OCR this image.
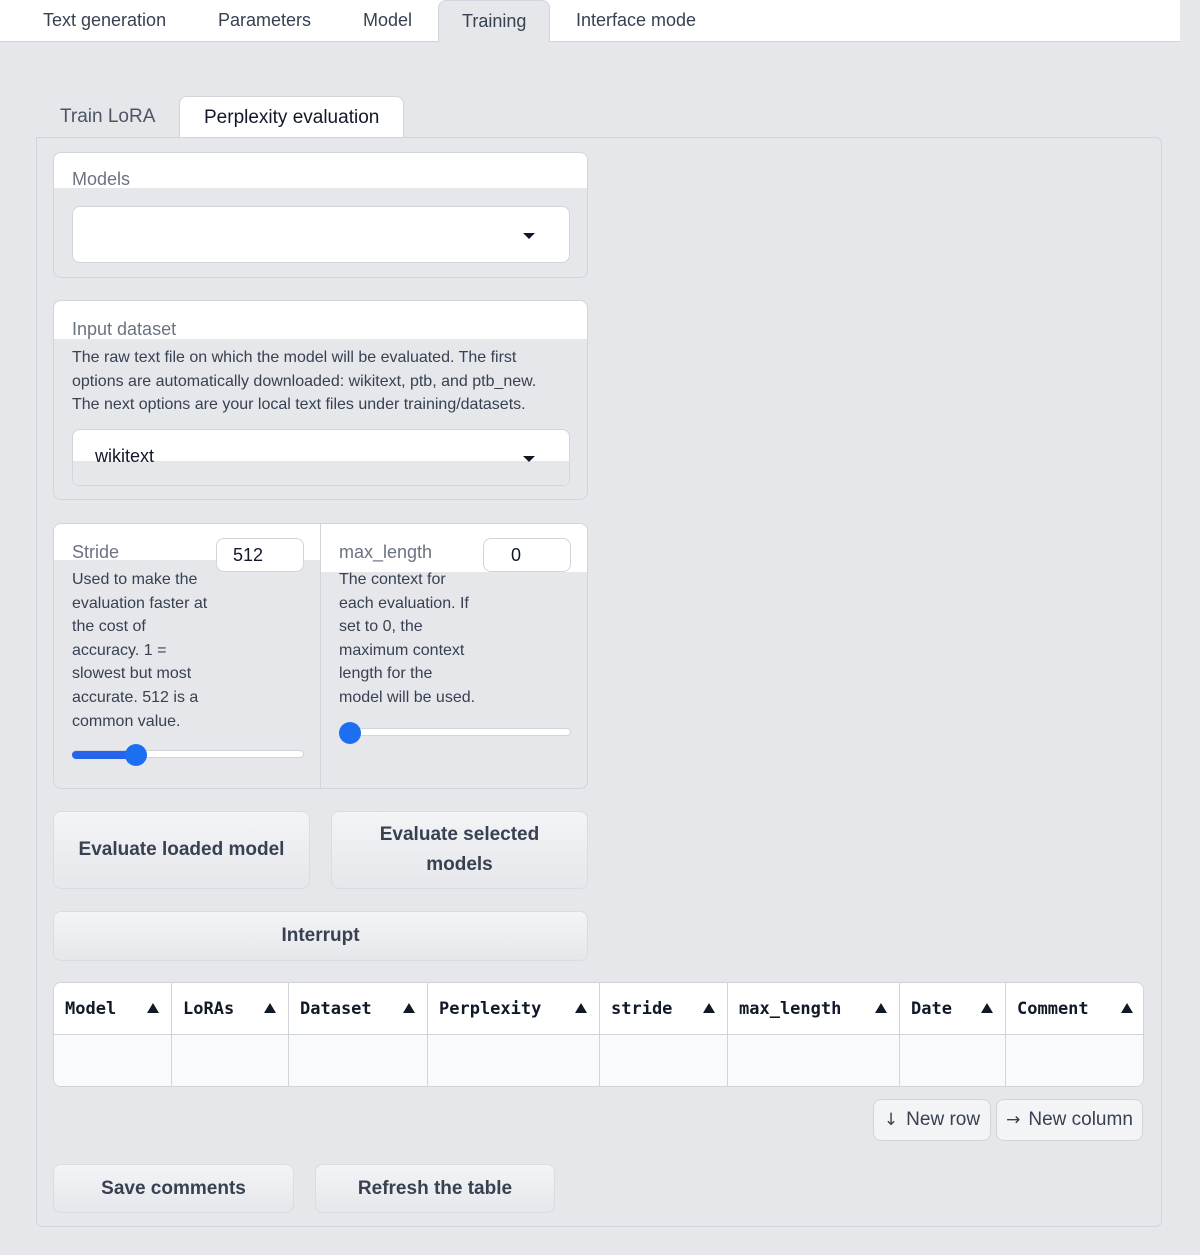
Text generation	Parameters	Model	Training	Interface mode
Train LoRA	Perplexity evaluation
Models
Input dataset
The raw text file on which the model will be evaluated. The first
options are automatically downloaded: wikitext, ptb, and ptb_new.
The next options are your local text files under training/datasets.
wikitext
Stride	512
Used to make the
evaluation faster at
the cost of
accuracy. 1 =
slowest but most
accurate. 512 is a
common value.
max_length	0
The context for
each evaluation. If
set to 0, the
maximum context
length for the
model will be used.
Evaluate loaded model
Evaluate selected
models
Interrupt
Model	LoRAs	Dataset	Perplexity	stride	max_length	Date	Comment
↓ New row → New column
Save comments	Refresh the table
